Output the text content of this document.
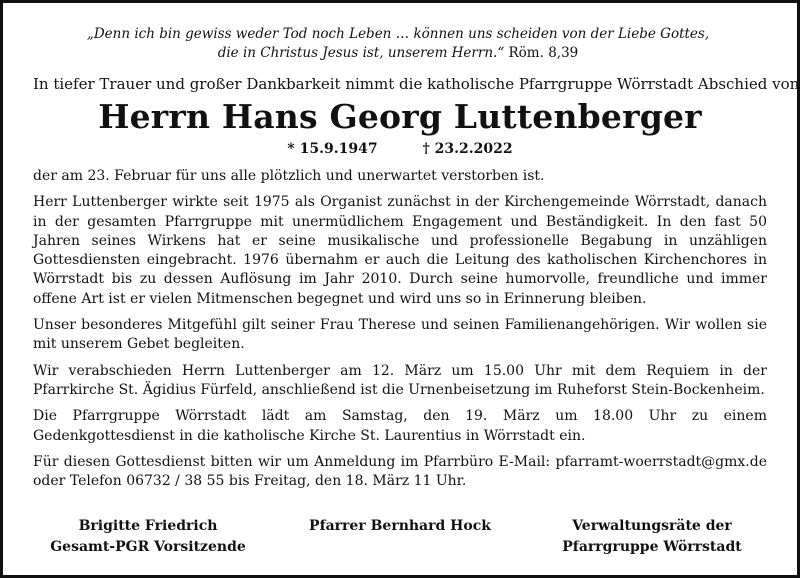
„Denn ich bin gewiss weder Tod noch Leben … können uns scheiden von der Liebe Gottes,
die in Christus Jesus ist, unserem Herrn.“ Röm. 8,39
In tiefer Trauer und großer Dankbarkeit nimmt die katholische Pfarrgruppe Wörrstadt Abschied von
Herrn Hans Georg Luttenberger
* 15.9.1947	† 23.2.2022
der am 23. Februar für uns alle plötzlich und unerwartet verstorben ist.
Herr Luttenberger wirkte seit 1975 als Organist zunächst in der Kirchengemeinde Wörrstadt, danach in der gesamten Pfarrgruppe mit unermüdlichem Engagement und Beständigkeit. In den fast 50 Jahren seines Wirkens hat er seine musikalische und professionelle Begabung in unzähligen Gottesdiensten eingebracht. 1976 übernahm er auch die Leitung des katholischen Kirchenchores in Wörrstadt bis zu dessen Auflösung im Jahr 2010. Durch seine humorvolle, freundliche und immer offene Art ist er vielen Mitmenschen begegnet und wird uns so in Erinnerung bleiben.
Unser besonderes Mitgefühl gilt seiner Frau Therese und seinen Familienangehörigen. Wir wollen sie mit unserem Gebet begleiten.
Wir verabschieden Herrn Luttenberger am 12. März um 15.00 Uhr mit dem Requiem in der Pfarrkirche St. Ägidius Fürfeld, anschließend ist die Urnenbeisetzung im Ruheforst Stein-Bockenheim.
Die Pfarrgruppe Wörrstadt lädt am Samstag, den 19. März um 18.00 Uhr zu einem Gedenkgottesdienst in die katholische Kirche St. Laurentius in Wörrstadt ein.
Für diesen Gottesdienst bitten wir um Anmeldung im Pfarrbüro E-Mail: pfarramt-woerrstadt@gmx.de oder Telefon 06732 / 38 55 bis Freitag, den 18. März 11 Uhr.
Brigitte Friedrich
Gesamt-PGR Vorsitzende
Pfarrer Bernhard Hock	Verwaltungsräte der
Pfarrgruppe Wörrstadt
